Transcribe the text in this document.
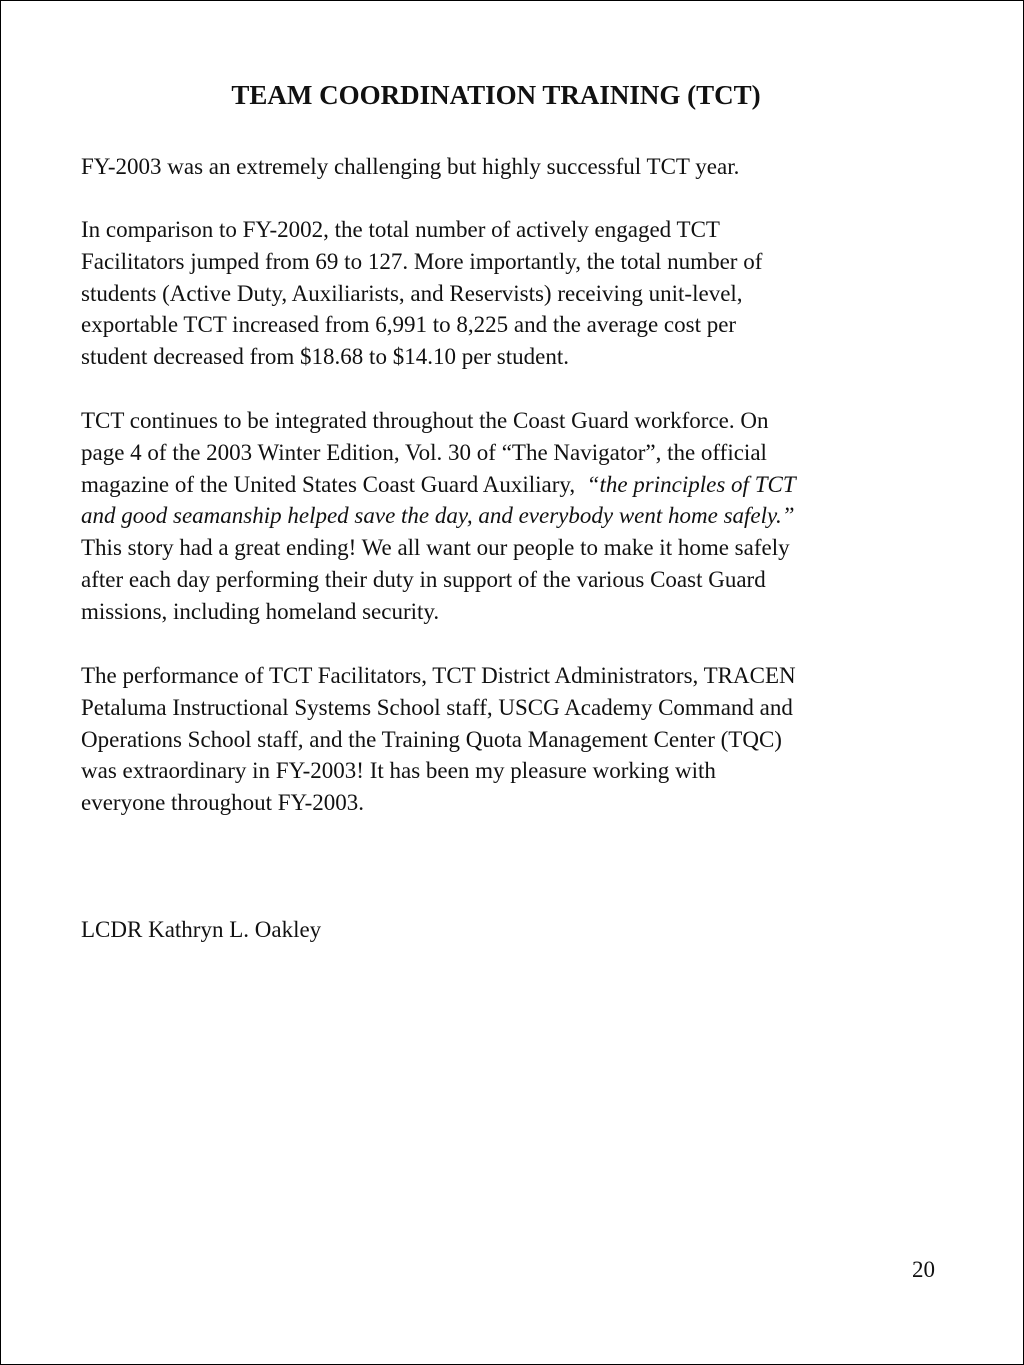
TEAM COORDINATION TRAINING (TCT)

FY-2003 was an extremely challenging but highly successful TCT year.

In comparison to FY-2002, the total number of actively engaged TCT
Facilitators jumped from 69 to 127. More importantly, the total number of
students (Active Duty, Auxiliarists, and Reservists) receiving unit-level,
exportable TCT increased from 6,991 to 8,225 and the average cost per
student decreased from $18.68 to $14.10 per student.

TCT continues to be integrated throughout the Coast Guard workforce. On
page 4 of the 2003 Winter Edition, Vol. 30 of “The Navigator”, the official
magazine of the United States Coast Guard Auxiliary,  “the principles of TCT
and good seamanship helped save the day, and everybody went home safely.”
This story had a great ending! We all want our people to make it home safely
after each day performing their duty in support of the various Coast Guard
missions, including homeland security.

The performance of TCT Facilitators, TCT District Administrators, TRACEN
Petaluma Instructional Systems School staff, USCG Academy Command and
Operations School staff, and the Training Quota Management Center (TQC)
was extraordinary in FY-2003! It has been my pleasure working with
everyone throughout FY-2003.

LCDR Kathryn L. Oakley

20
